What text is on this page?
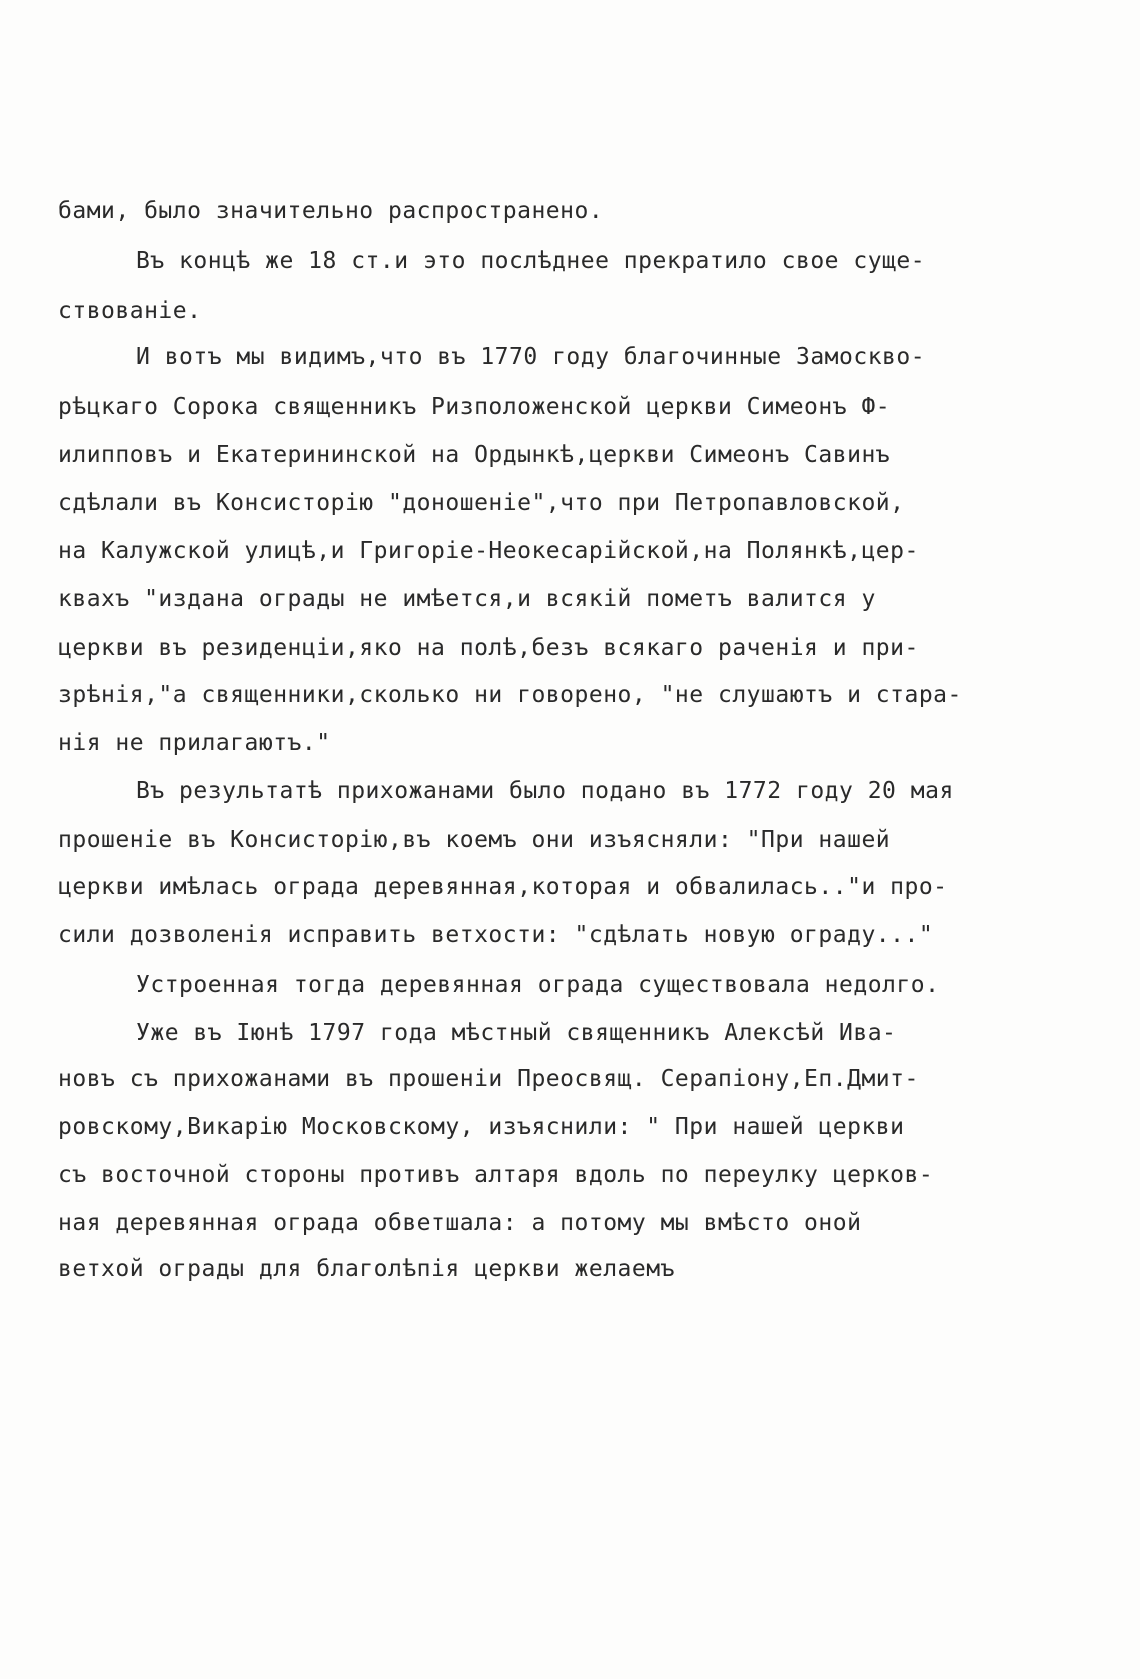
бами, было значительно распространено.
Въ концѣ же 18 ст.и это послѣднее прекратило свое суще-
ствованіе.
И вотъ мы видимъ,что въ 1770 году благочинные Замоскво-
рѣцкаго Сорока священникъ Ризположенской церкви Симеонъ Ф-
илипповъ и Екатерининской на Ордынкѣ,церкви Симеонъ Савинъ
сдѣлали въ Консисторію "доношеніе",что при Петропавловской,
на Калужской улицѣ,и Григоріе-Неокесарійской,на Полянкѣ,цер-
квахъ "издана ограды не имѣется,и всякій пометъ валится у
церкви въ резиденціи,яко на полѣ,безъ всякаго раченія и при-
зрѣнія,"а священники,сколько ни говорено, "не слушаютъ и стара-
нія не прилагаютъ."
Въ результатѣ прихожанами было подано въ 1772 году 20 мая
прошеніе въ Консисторію,въ коемъ они изъясняли: "При нашей
церкви имѣлась ограда деревянная,которая и обвалилась.."и про-
сили дозволенія исправить ветхости: "сдѣлать новую ограду..."
Устроенная тогда деревянная ограда существовала недолго.
Уже въ Іюнѣ 1797 года мѣстный священникъ Алексѣй Ива-
новъ съ прихожанами въ прошеніи Преосвящ. Серапіону,Еп.Дмит-
ровскому,Викарію Московскому, изъяснили: " При нашей церкви
съ восточной стороны противъ алтаря вдоль по переулку церков-
ная деревянная ограда обветшала: а потому мы вмѣсто оной
ветхой ограды для благолѣпія церкви желаемъ
